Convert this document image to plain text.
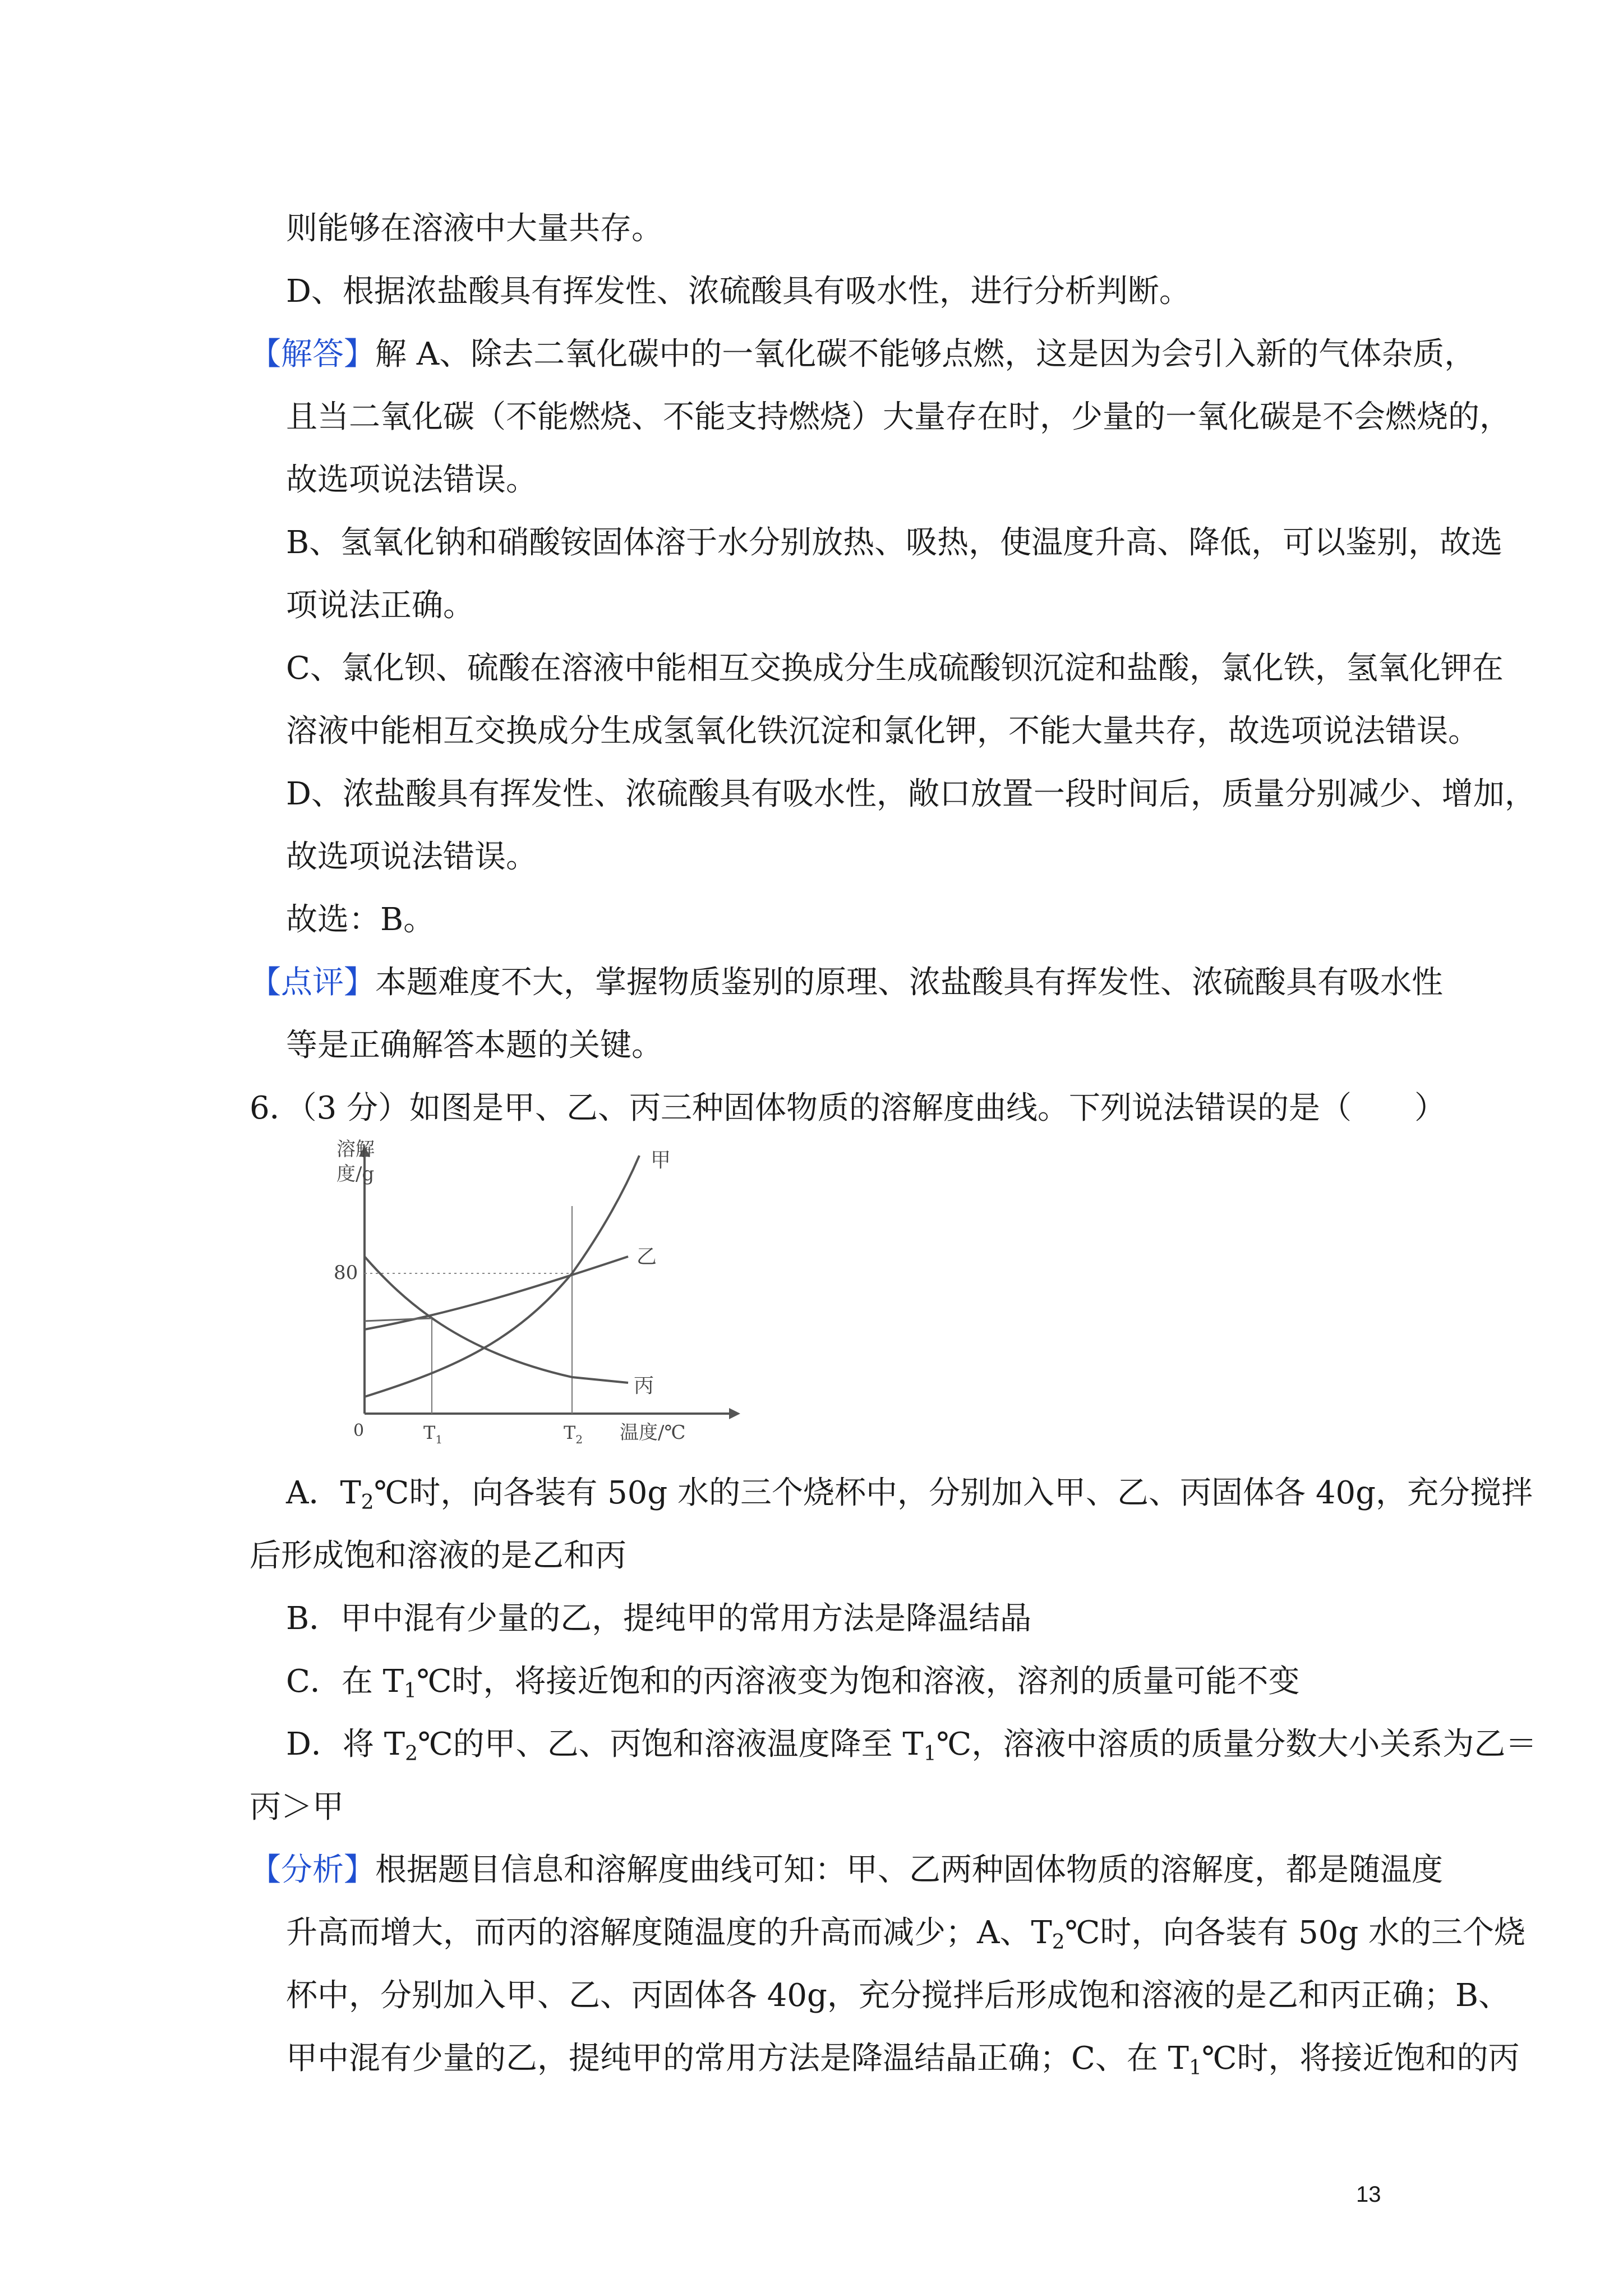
则能够在溶液中大量共存。
D、根据浓盐酸具有挥发性、浓硫酸具有吸水性，进行分析判断。
【解答】解 A、除去二氧化碳中的一氧化碳不能够点燃，这是因为会引入新的气体杂质，
且当二氧化碳（不能燃烧、不能支持燃烧）大量存在时，少量的一氧化碳是不会燃烧的，
故选项说法错误。
B、氢氧化钠和硝酸铵固体溶于水分别放热、吸热，使温度升高、降低，可以鉴别，故选
项说法正确。
C、氯化钡、硫酸在溶液中能相互交换成分生成硫酸钡沉淀和盐酸，氯化铁，氢氧化钾在
溶液中能相互交换成分生成氢氧化铁沉淀和氯化钾，不能大量共存，故选项说法错误。
D、浓盐酸具有挥发性、浓硫酸具有吸水性，敞口放置一段时间后，质量分别减少、增加，
故选项说法错误。
故选：B。
【点评】本题难度不大，掌握物质鉴别的原理、浓盐酸具有挥发性、浓硫酸具有吸水性
等是正确解答本题的关键。
6．（3 分）如图是甲、乙、丙三种固体物质的溶解度曲线。下列说法错误的是（　　）
溶解
度/g
80
0	$T_1$	$T_2$ 温度/℃
甲
乙
丙
A．$T_2℃$时，向各装有 50g 水的三个烧杯中，分别加入甲、乙、丙固体各 40g，充分搅拌
后形成饱和溶液的是乙和丙
B．甲中混有少量的乙，提纯甲的常用方法是降温结晶
C．在 $T_1℃$时，将接近饱和的丙溶液变为饱和溶液，溶剂的质量可能不变
D．将 $T_2℃$的甲、乙、丙饱和溶液温度降至 $T_1℃$，溶液中溶质的质量分数大小关系为乙＝
丙＞甲
【分析】根据题目信息和溶解度曲线可知：甲、乙两种固体物质的溶解度，都是随温度
升高而增大，而丙的溶解度随温度的升高而减少；A、$T_2℃$时，向各装有 50g 水的三个烧
杯中，分别加入甲、乙、丙固体各 40g，充分搅拌后形成饱和溶液的是乙和丙正确；B、
甲中混有少量的乙，提纯甲的常用方法是降温结晶正确；C、在 $T_1℃$时，将接近饱和的丙
13
